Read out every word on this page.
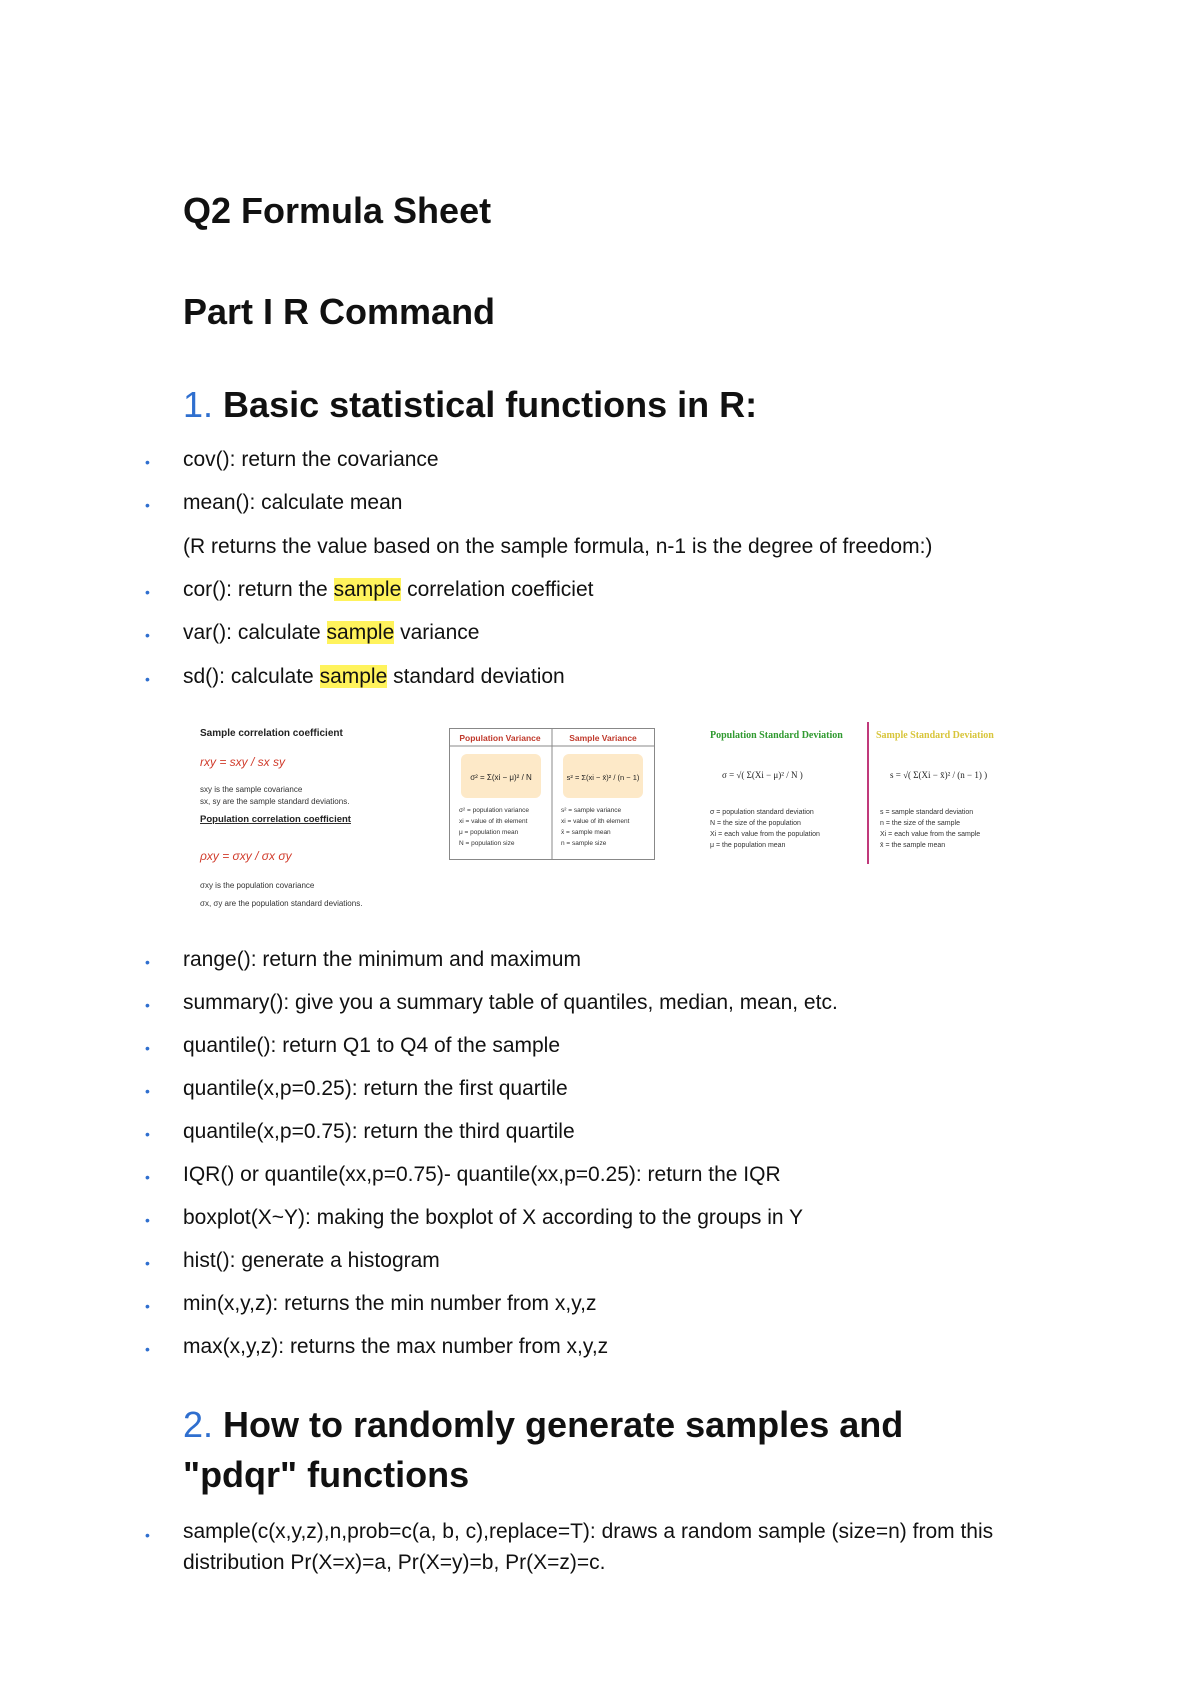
Q2 Formula Sheet
Part I R Command
1. Basic statistical functions in R:
• cov(): return the covariance
• mean(): calculate mean
(R returns the value based on the sample formula, n-1 is the degree of freedom:)
• cor(): return the sample correlation coefficiet
• var(): calculate sample variance
• sd(): calculate sample standard deviation
Sample correlation coefficient
rxy = sxy / sx sy
sxy is the sample covariance
sx, sy are the sample standard deviations.
Population correlation coefficient
ρxy = σxy / σx σy
σxy is the population covariance
σx, σy are the population standard deviations.
Population Variance	Sample Variance
σ² = Σ(xi − μ)² / N	s² = Σ(xi − x̄)² / (n − 1)
σ² = population variance
xi = value of ith element
μ = population mean
N = population size
s² = sample variance
xi = value of ith element
x̄ = sample mean
n = sample size
Population Standard Deviation	Sample Standard Deviation
σ = √( Σ(Xi − μ)² / N )	s = √( Σ(Xi − x̄)² / (n − 1) )
σ = population standard deviation
N = the size of the population
Xi = each value from the population
μ = the population mean
s = sample standard deviation
n = the size of the sample
Xi = each value from the sample
x̄ = the sample mean
• range(): return the minimum and maximum
• summary(): give you a summary table of quantiles, median, mean, etc.
• quantile(): return Q1 to Q4 of the sample
• quantile(x,p=0.25): return the first quartile
• quantile(x,p=0.75): return the third quartile
• IQR() or quantile(xx,p=0.75)- quantile(xx,p=0.25): return the IQR
• boxplot(X~Y): making the boxplot of X according to the groups in Y
• hist(): generate a histogram
• min(x,y,z): returns the min number from x,y,z
• max(x,y,z): returns the max number from x,y,z
2. How to randomly generate samples and
"pdqr" functions
• sample(c(x,y,z),n,prob=c(a, b, c),replace=T): draws a random sample (size=n) from this distribution Pr(X=x)=a, Pr(X=y)=b, Pr(X=z)=c.
